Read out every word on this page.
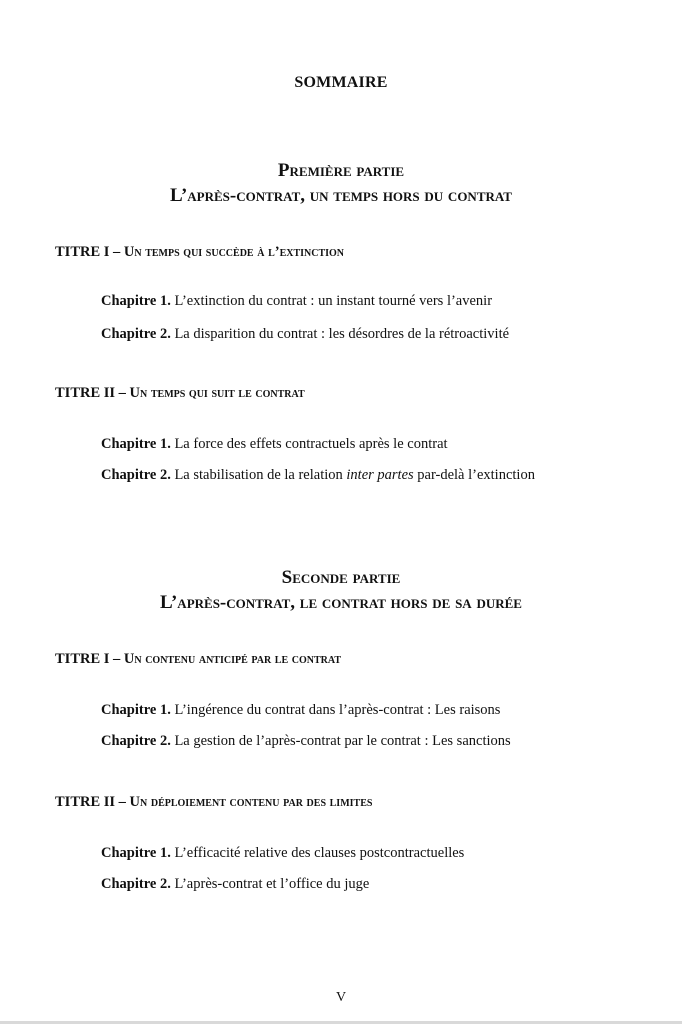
SOMMAIRE
Première partie
L’après-contrat, un temps hors du contrat
TITRE I – Un temps qui succède à l’extinction
Chapitre 1. L’extinction du contrat : un instant tourné vers l’avenir
Chapitre 2. La disparition du contrat : les désordres de la rétroactivité
TITRE II – Un temps qui suit le contrat
Chapitre 1. La force des effets contractuels après le contrat
Chapitre 2. La stabilisation de la relation inter partes par-delà l’extinction
Seconde partie
L’après-contrat, le contrat hors de sa durée
TITRE I – Un contenu anticipé par le contrat
Chapitre 1. L’ingérence du contrat dans l’après-contrat : Les raisons
Chapitre 2. La gestion de l’après-contrat par le contrat : Les sanctions
TITRE II – Un déploiement contenu par des limites
Chapitre 1. L’efficacité relative des clauses postcontractuelles
Chapitre 2. L’après-contrat et l’office du juge
V
